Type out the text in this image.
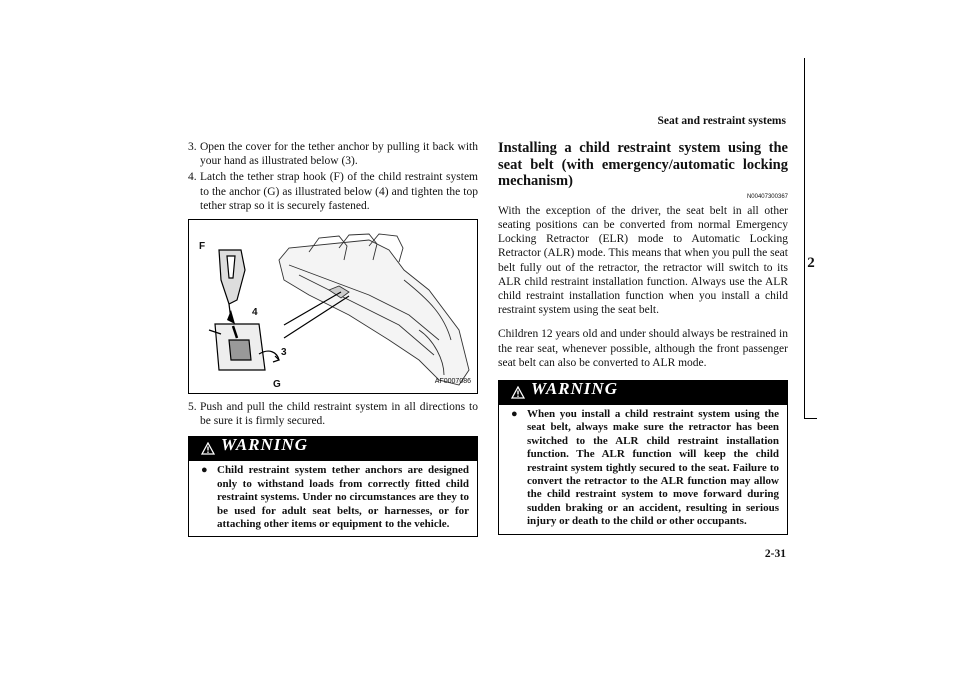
Seat and restraint systems
2
3. Open the cover for the tether anchor by pulling it back with your hand as illustrated below (3).
4. Latch the tether strap hook (F) of the child restraint system to the anchor (G) as illustrated below (4) and tighten the top tether strap so it is securely fastened.
F
4
3
G	AF0007086
5. Push and pull the child restraint system in all directions to be sure it is firmly secured.
WARNING
● Child restraint system tether anchors are designed only to withstand loads from correctly fitted child restraint systems. Under no circumstances are they to be used for adult seat belts, or harnesses, or for attaching other items or equipment to the vehicle.
Installing a child restraint system using the seat belt (with emergency/automatic locking mechanism)
N00407300367

With the exception of the driver, the seat belt in all other seating positions can be converted from normal Emergency Locking Retractor (ELR) mode to Automatic Locking Retractor (ALR) mode. This means that when you pull the seat belt fully out of the retractor, the retractor will switch to its ALR child restraint installation function. Always use the ALR child restraint installation function when you install a child restraint system using the seat belt.

Children 12 years old and under should always be restrained in the rear seat, whenever possible, although the front passenger seat belt can also be converted to ALR mode.

WARNING
● When you install a child restraint system using the seat belt, always make sure the retractor has been switched to the ALR child restraint installation function. The ALR function will keep the child restraint system tightly secured to the seat. Failure to convert the retractor to the ALR function may allow the child restraint system to move forward during sudden braking or an accident, resulting in serious injury or death to the child or other occupants.
2-31
